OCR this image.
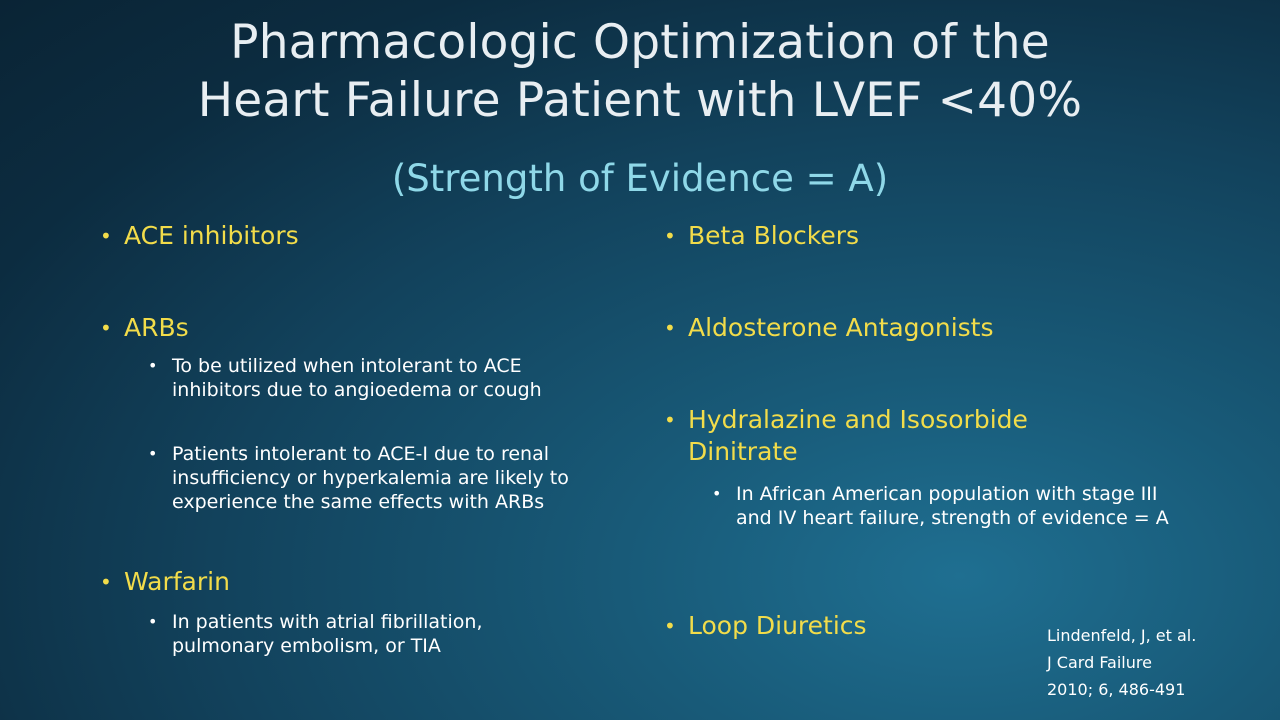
Pharmacologic Optimization of the
Heart Failure Patient with LVEF <40%
(Strength of Evidence = A)
• ACE inhibitors
• ARBs
• To be utilized when intolerant to ACE inhibitors due to angioedema or cough
• Patients intolerant to ACE-I due to renal insufficiency or hyperkalemia are likely to experience the same effects with ARBs
• Warfarin
• In patients with atrial fibrillation, pulmonary embolism, or TIA
• Beta Blockers
• Aldosterone Antagonists
• Hydralazine and Isosorbide Dinitrate
• In African American population with stage III and IV heart failure, strength of evidence = A
• Loop Diuretics	Lindenfeld, J, et al.
J Card Failure
2010; 6, 486-491
